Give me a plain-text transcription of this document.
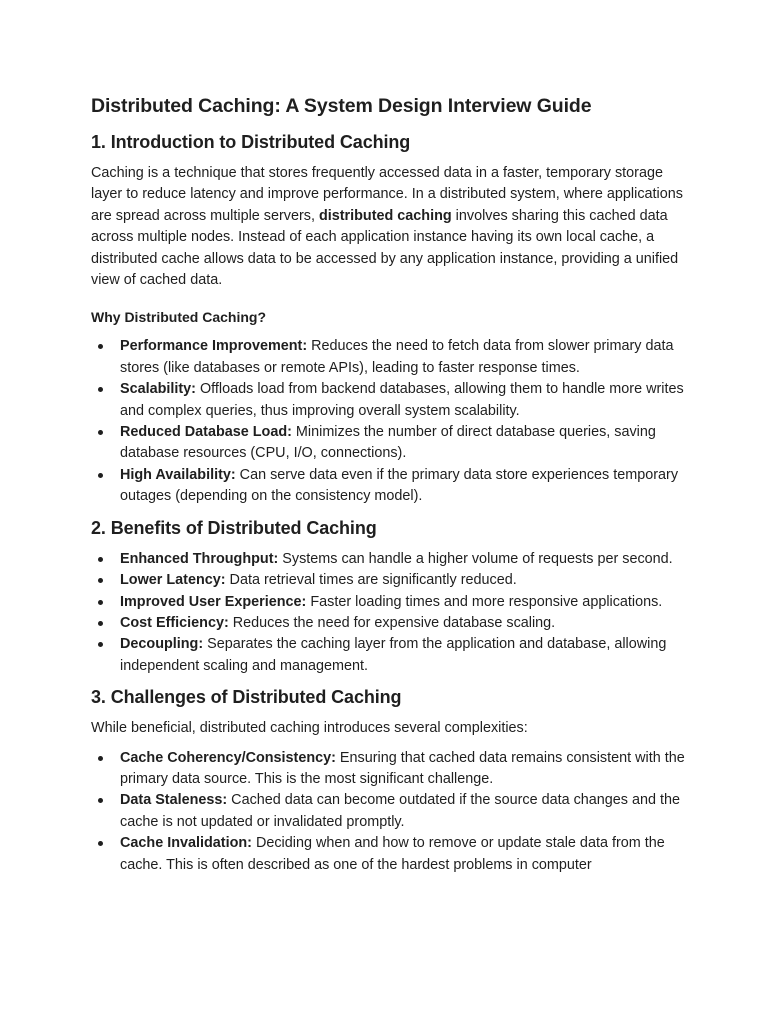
Distributed Caching: A System Design Interview Guide
1. Introduction to Distributed Caching

Caching is a technique that stores frequently accessed data in a faster, temporary storage layer to reduce latency and improve performance. In a distributed system, where applications are spread across multiple servers, distributed caching involves sharing this cached data across multiple nodes. Instead of each application instance having its own local cache, a distributed cache allows data to be accessed by any application instance, providing a unified view of cached data.

Why Distributed Caching?
Performance Improvement: Reduces the need to fetch data from slower primary data stores (like databases or remote APIs), leading to faster response times.
Scalability: Offloads load from backend databases, allowing them to handle more writes and complex queries, thus improving overall system scalability.
Reduced Database Load: Minimizes the number of direct database queries, saving database resources (CPU, I/O, connections).
High Availability: Can serve data even if the primary data store experiences temporary outages (depending on the consistency model).
2. Benefits of Distributed Caching
Enhanced Throughput: Systems can handle a higher volume of requests per second.
Lower Latency: Data retrieval times are significantly reduced.
Improved User Experience: Faster loading times and more responsive applications.
Cost Efficiency: Reduces the need for expensive database scaling.
Decoupling: Separates the caching layer from the application and database, allowing independent scaling and management.
3. Challenges of Distributed Caching

While beneficial, distributed caching introduces several complexities:

Cache Coherency/Consistency: Ensuring that cached data remains consistent with the primary data source. This is the most significant challenge.
Data Staleness: Cached data can become outdated if the source data changes and the cache is not updated or invalidated promptly.
Cache Invalidation: Deciding when and how to remove or update stale data from the cache. This is often described as one of the hardest problems in computer
